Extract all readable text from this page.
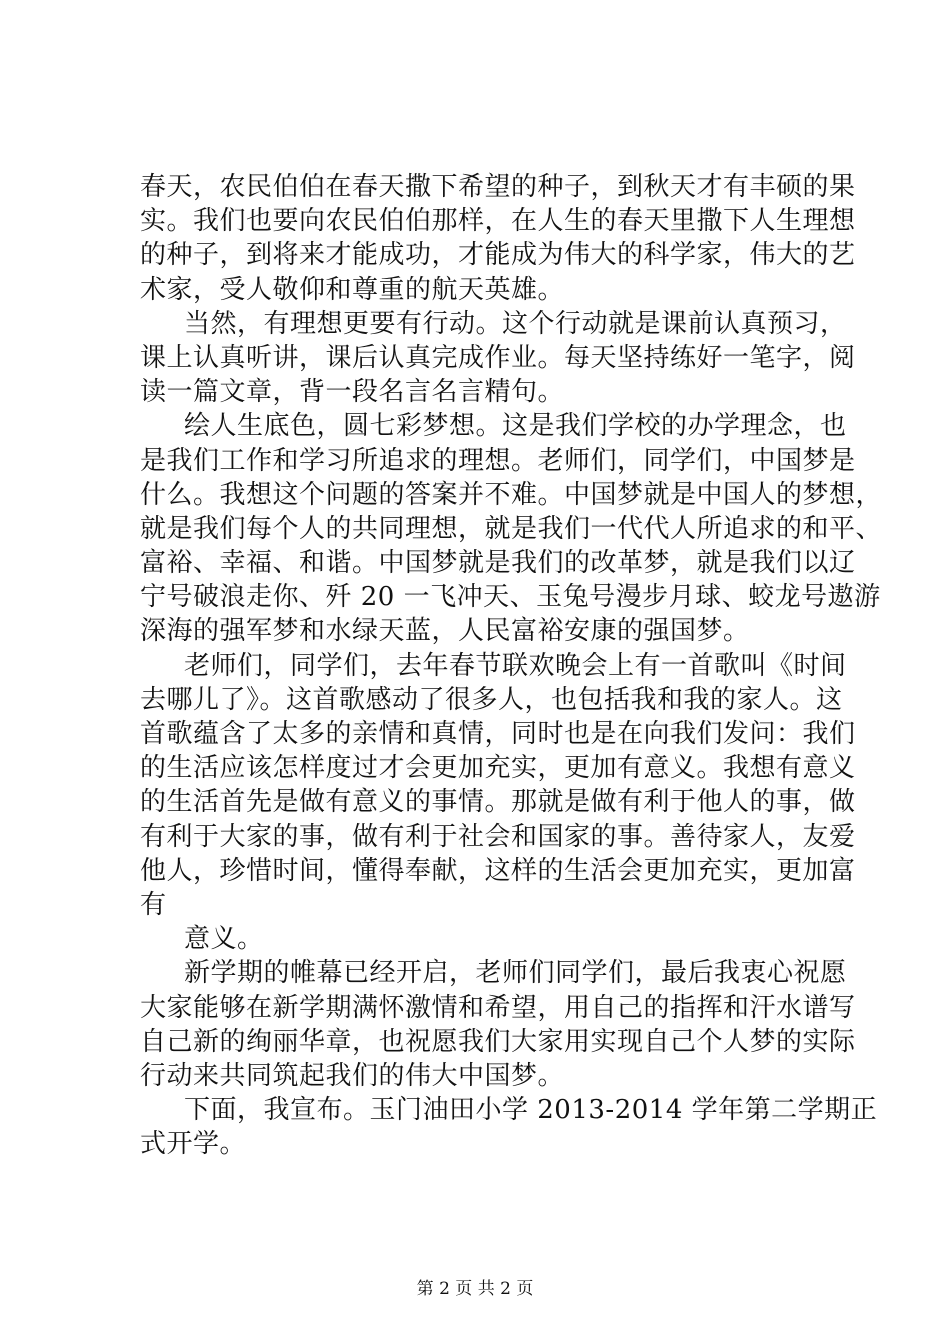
春天，农民伯伯在春天撒下希望的种子，到秋天才有丰硕的果
实。我们也要向农民伯伯那样，在人生的春天里撒下人生理想
的种子，到将来才能成功，才能成为伟大的科学家，伟大的艺
术家，受人敬仰和尊重的航天英雄。
当然，有理想更要有行动。这个行动就是课前认真预习，
课上认真听讲，课后认真完成作业。每天坚持练好一笔字，阅
读一篇文章，背一段名言名言精句。
绘人生底色，圆七彩梦想。这是我们学校的办学理念，也
是我们工作和学习所追求的理想。老师们，同学们，中国梦是
什么。我想这个问题的答案并不难。中国梦就是中国人的梦想，
就是我们每个人的共同理想，就是我们一代代人所追求的和平、
富裕、幸福、和谐。中国梦就是我们的改革梦，就是我们以辽
宁号破浪走你、歼 20 一飞冲天、玉兔号漫步月球、蛟龙号遨游
深海的强军梦和水绿天蓝，人民富裕安康的强国梦。
老师们，同学们，去年春节联欢晚会上有一首歌叫《时间
去哪儿了》。这首歌感动了很多人，也包括我和我的家人。这
首歌蕴含了太多的亲情和真情，同时也是在向我们发问：我们
的生活应该怎样度过才会更加充实，更加有意义。我想有意义
的生活首先是做有意义的事情。那就是做有利于他人的事，做
有利于大家的事，做有利于社会和国家的事。善待家人，友爱
他人，珍惜时间，懂得奉献，这样的生活会更加充实，更加富
有
意义。
新学期的帷幕已经开启，老师们同学们，最后我衷心祝愿
大家能够在新学期满怀激情和希望，用自己的指挥和汗水谱写
自己新的绚丽华章，也祝愿我们大家用实现自己个人梦的实际
行动来共同筑起我们的伟大中国梦。
下面，我宣布。玉门油田小学 2013-2014 学年第二学期正
式开学。
第 2 页 共 2 页
